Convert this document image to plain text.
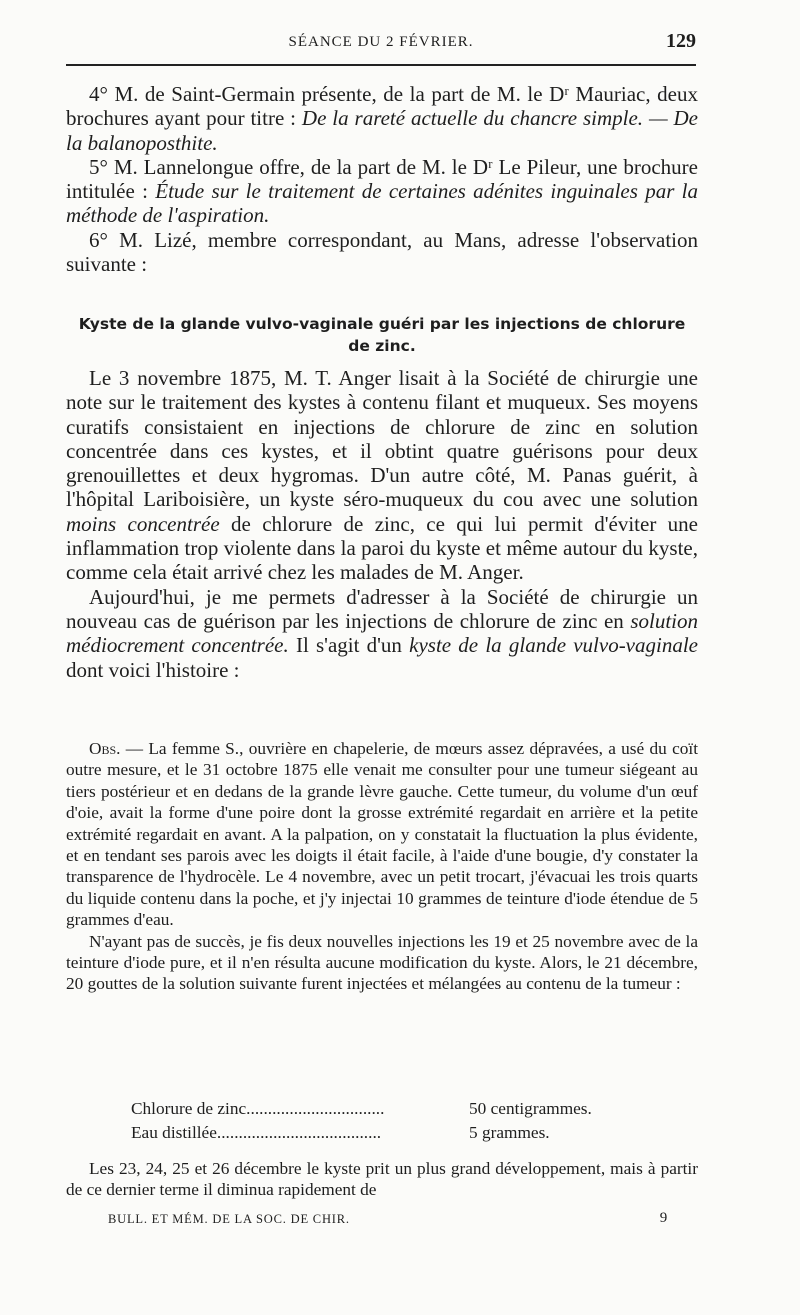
SÉANCE DU 2 FÉVRIER.	129

4° M. de Saint-Germain présente, de la part de M. le Dʳ Mauriac, deux brochures ayant pour titre : De la rareté actuelle du chancre simple. — De la balanoposthite.

5° M. Lannelongue offre, de la part de M. le Dʳ Le Pileur, une brochure intitulée : Étude sur le traitement de certaines adénites inguinales par la méthode de l'aspiration.

6° M. Lizé, membre correspondant, au Mans, adresse l'observation suivante :

Kyste de la glande vulvo-vaginale guéri par les injections de chlorure de zinc.

Le 3 novembre 1875, M. T. Anger lisait à la Société de chirurgie une note sur le traitement des kystes à contenu filant et muqueux. Ses moyens curatifs consistaient en injections de chlorure de zinc en solution concentrée dans ces kystes, et il obtint quatre guérisons pour deux grenouillettes et deux hygromas. D'un autre côté, M. Panas guérit, à l'hôpital Lariboisière, un kyste séro-muqueux du cou avec une solution moins concentrée de chlorure de zinc, ce qui lui permit d'éviter une inflammation trop violente dans la paroi du kyste et même autour du kyste, comme cela était arrivé chez les malades de M. Anger.

Aujourd'hui, je me permets d'adresser à la Société de chirurgie un nouveau cas de guérison par les injections de chlorure de zinc en solution médiocrement concentrée. Il s'agit d'un kyste de la glande vulvo-vaginale dont voici l'histoire :

Obs. — La femme S., ouvrière en chapelerie, de mœurs assez dépravées, a usé du coït outre mesure, et le 31 octobre 1875 elle venait me consulter pour une tumeur siégeant au tiers postérieur et en dedans de la grande lèvre gauche. Cette tumeur, du volume d'un œuf d'oie, avait la forme d'une poire dont la grosse extrémité regardait en arrière et la petite extrémité regardait en avant. A la palpation, on y constatait la fluctuation la plus évidente, et en tendant ses parois avec les doigts il était facile, à l'aide d'une bougie, d'y constater la transparence de l'hydrocèle. Le 4 novembre, avec un petit trocart, j'évacuai les trois quarts du liquide contenu dans la poche, et j'y injectai 10 grammes de teinture d'iode étendue de 5 grammes d'eau.

N'ayant pas de succès, je fis deux nouvelles injections les 19 et 25 novembre avec de la teinture d'iode pure, et il n'en résulta aucune modification du kyste. Alors, le 21 décembre, 20 gouttes de la solution suivante furent injectées et mélangées au contenu de la tumeur :

Chlorure de zinc................................	50 centigrammes.
Eau distillée......................................	5 grammes.

Les 23, 24, 25 et 26 décembre le kyste prit un plus grand développement, mais à partir de ce dernier terme il diminua rapidement de

BULL. ET MÉM. DE LA SOC. DE CHIR.	9
